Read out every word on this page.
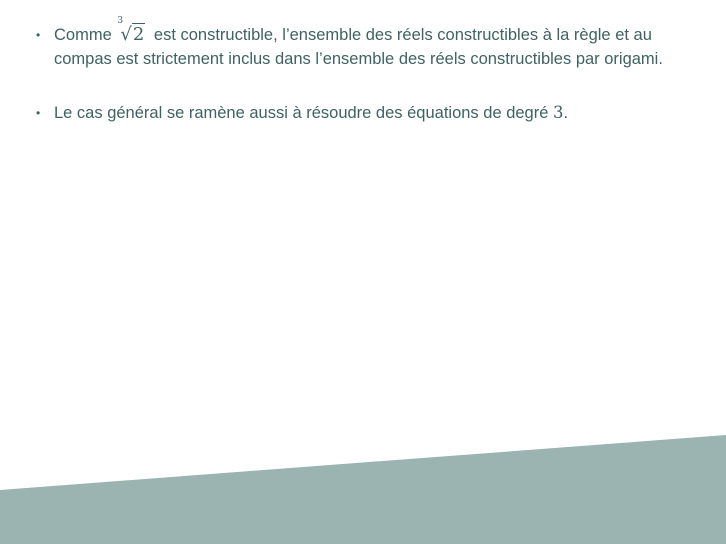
• Comme
3
√2 est constructible, l’ensemble des réels constructibles à la règle et au compas est strictement inclus dans l’ensemble des réels constructibles par origami.
• Le cas général se ramène aussi à résoudre des équations de degré 3.
